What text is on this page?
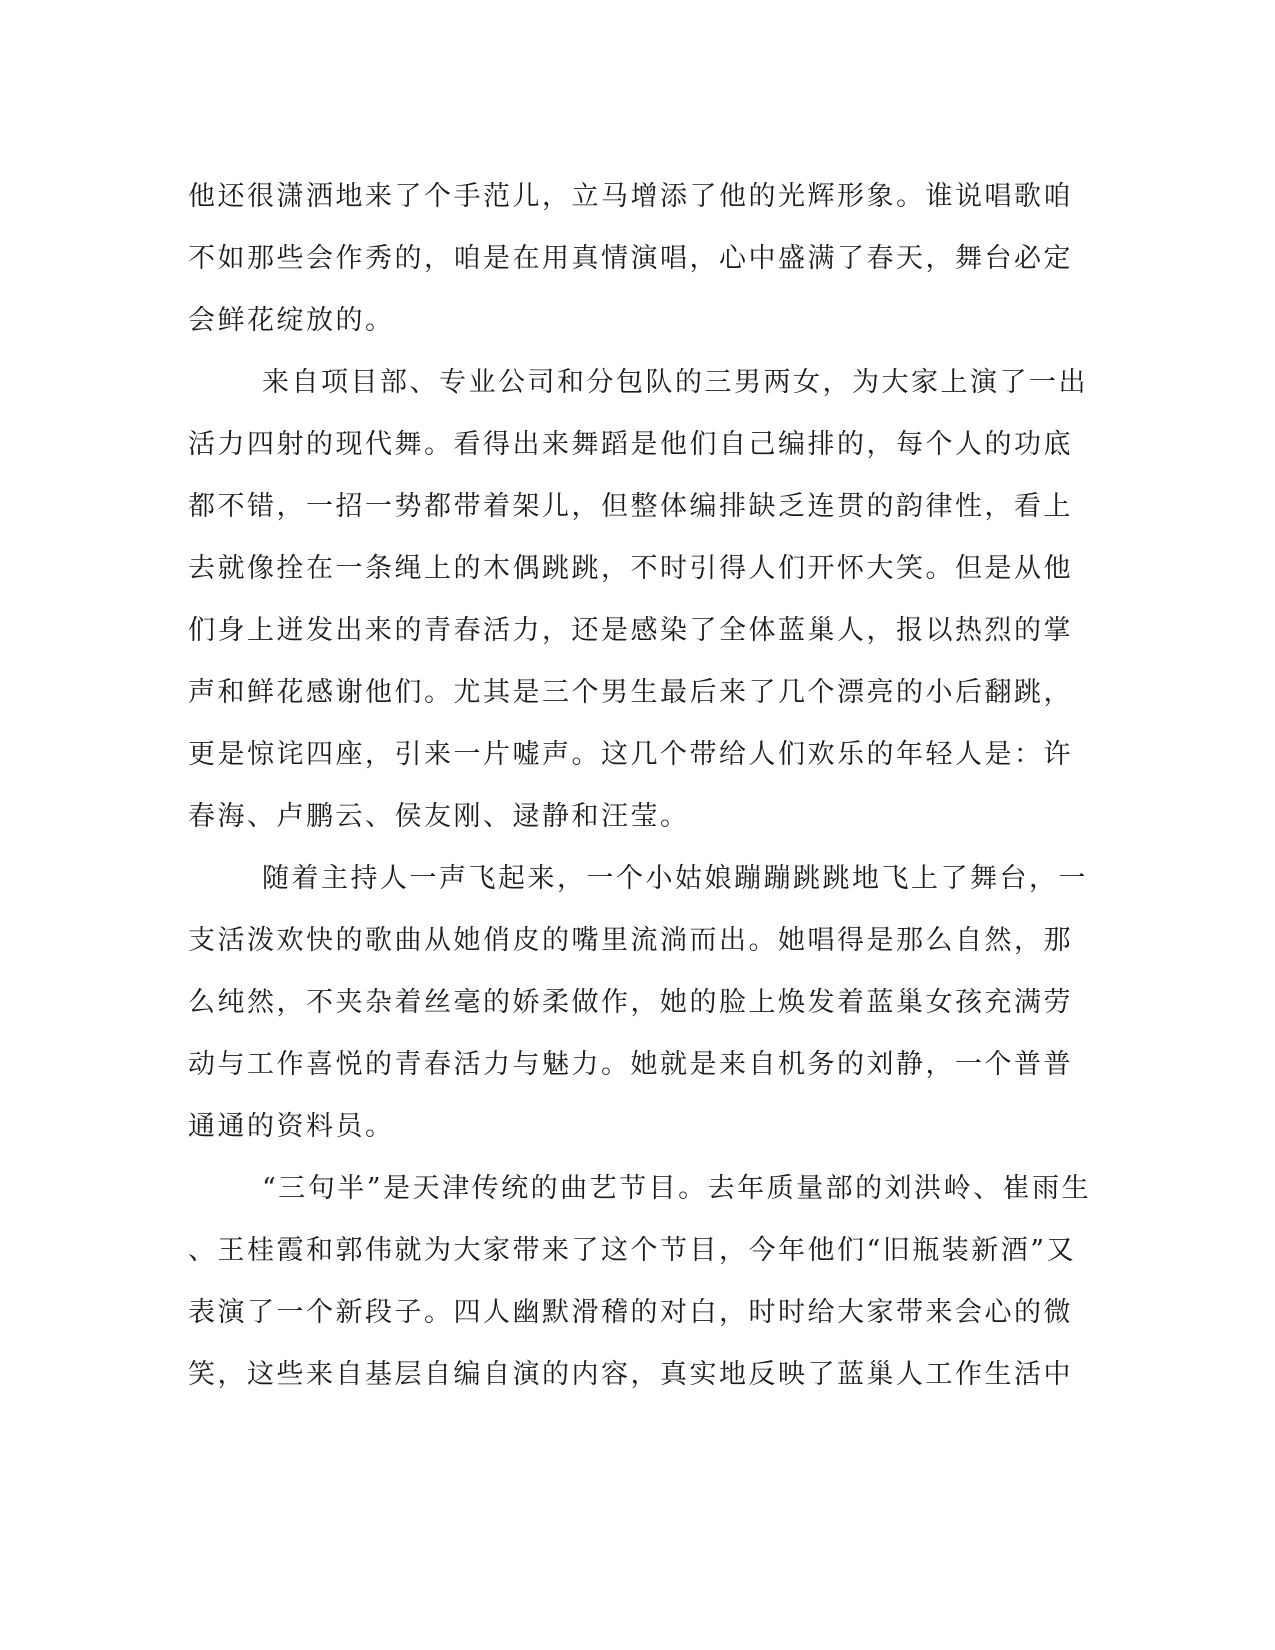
他还很潇洒地来了个手范儿，立马增添了他的光辉形象。谁说唱歌咱
不如那些会作秀的，咱是在用真情演唱，心中盛满了春天，舞台必定
会鲜花绽放的。
来自项目部、专业公司和分包队的三男两女，为大家上演了一出
活力四射的现代舞。看得出来舞蹈是他们自己编排的，每个人的功底
都不错，一招一势都带着架儿，但整体编排缺乏连贯的韵律性，看上
去就像拴在一条绳上的木偶跳跳，不时引得人们开怀大笑。但是从他
们身上迸发出来的青春活力，还是感染了全体蓝巢人，报以热烈的掌
声和鲜花感谢他们。尤其是三个男生最后来了几个漂亮的小后翻跳，
更是惊诧四座，引来一片嘘声。这几个带给人们欢乐的年轻人是：许
春海、卢鹏云、侯友刚、逯静和汪莹。
随着主持人一声飞起来，一个小姑娘蹦蹦跳跳地飞上了舞台，一
支活泼欢快的歌曲从她俏皮的嘴里流淌而出。她唱得是那么自然，那
么纯然，不夹杂着丝毫的娇柔做作，她的脸上焕发着蓝巢女孩充满劳
动与工作喜悦的青春活力与魅力。她就是来自机务的刘静，一个普普
通通的资料员。
“三句半”是天津传统的曲艺节目。去年质量部的刘洪岭、崔雨生
、王桂霞和郭伟就为大家带来了这个节目，今年他们“旧瓶装新酒”又
表演了一个新段子。四人幽默滑稽的对白，时时给大家带来会心的微
笑，这些来自基层自编自演的内容，真实地反映了蓝巢人工作生活中
